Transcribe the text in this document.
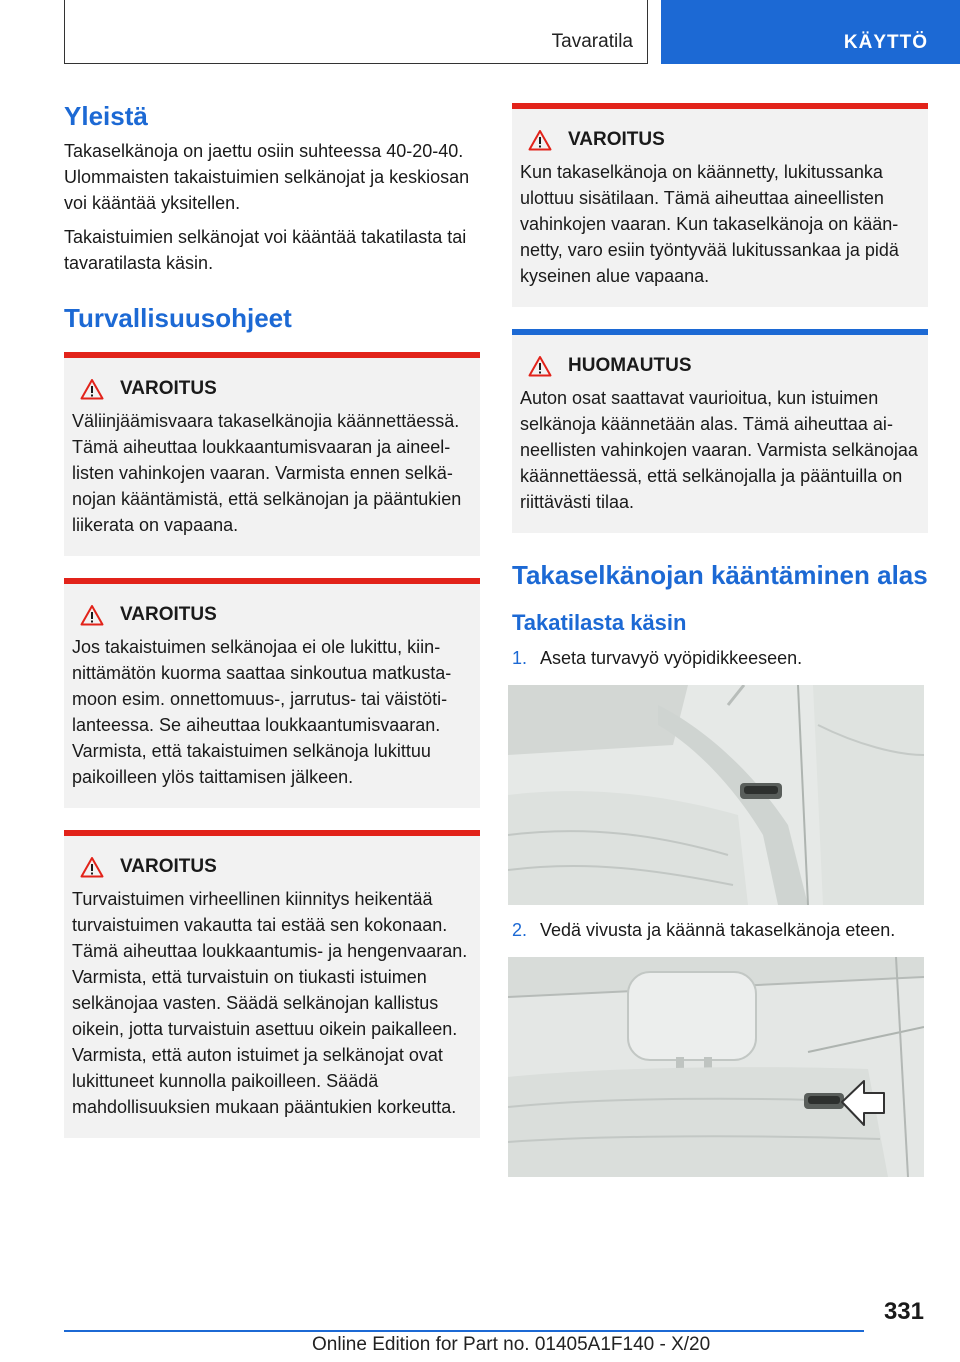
Tavaratila	KÄYTTÖ
Yleistä

Takaselkänoja on jaettu osiin suhteessa 40‑20‑40. Ulommaisten takaistuimien selkänojat ja keskiosan voi kääntää yksitellen.

Takaistuimien selkänojat voi kääntää takatilasta tai tavaratilasta käsin.

Turvallisuusohjeet
VAROITUS
Väliinjäämisvaara takaselkänojia käännettäessä. Tämä aiheuttaa loukkaantumisvaaran ja aineellisten vahinkojen vaaran. Varmista ennen selkänojan kääntämistä, että selkänojan ja pääntukien liikerata on vapaana.
VAROITUS
Jos takaistuimen selkänojaa ei ole lukittu, kiinnittämätön kuorma saattaa sinkoutua matkustamoon esim. onnettomuus-, jarrutus- tai väistötilanteessa. Se aiheuttaa loukkaantumisvaaran. Varmista, että takaistuimen selkänoja lukittuu paikoilleen ylös taittamisen jälkeen.
VAROITUS
Turvaistuimen virheellinen kiinnitys heikentää turvaistuimen vakautta tai estää sen kokonaan. Tämä aiheuttaa loukkaantumis- ja hengenvaaran. Varmista, että turvaistuin on tiukasti istuimen selkänojaa vasten. Säädä selkänojan kallistus oikein, jotta turvaistuin asettuu oikein paikalleen. Varmista, että auton istuimet ja selkänojat ovat lukittuneet kunnolla paikoilleen. Säädä mahdollisuuksien mukaan pääntukien korkeutta.
VAROITUS
Kun takaselkänoja on käännetty, lukitussanka ulottuu sisätilaan. Tämä aiheuttaa aineellisten vahinkojen vaaran. Kun takaselkänoja on käännetty, varo esiin työntyvää lukitussankaa ja pidä kyseinen alue vapaana.
HUOMAUTUS
Auton osat saattavat vaurioitua, kun istuimen selkänoja käännetään alas. Tämä aiheuttaa aineellisten vahinkojen vaaran. Varmista selkänojaa käännettäessä, että selkänojalla ja pääntuilla on riittävästi tilaa.
Takaselkänojan kääntäminen alas
Takatilasta käsin
1. Aseta turvavyö vyöpidikkeeseen.
2. Vedä vivusta ja käännä takaselkänoja eteen.
331
Online Edition for Part no. 01405A1F140 - X/20
